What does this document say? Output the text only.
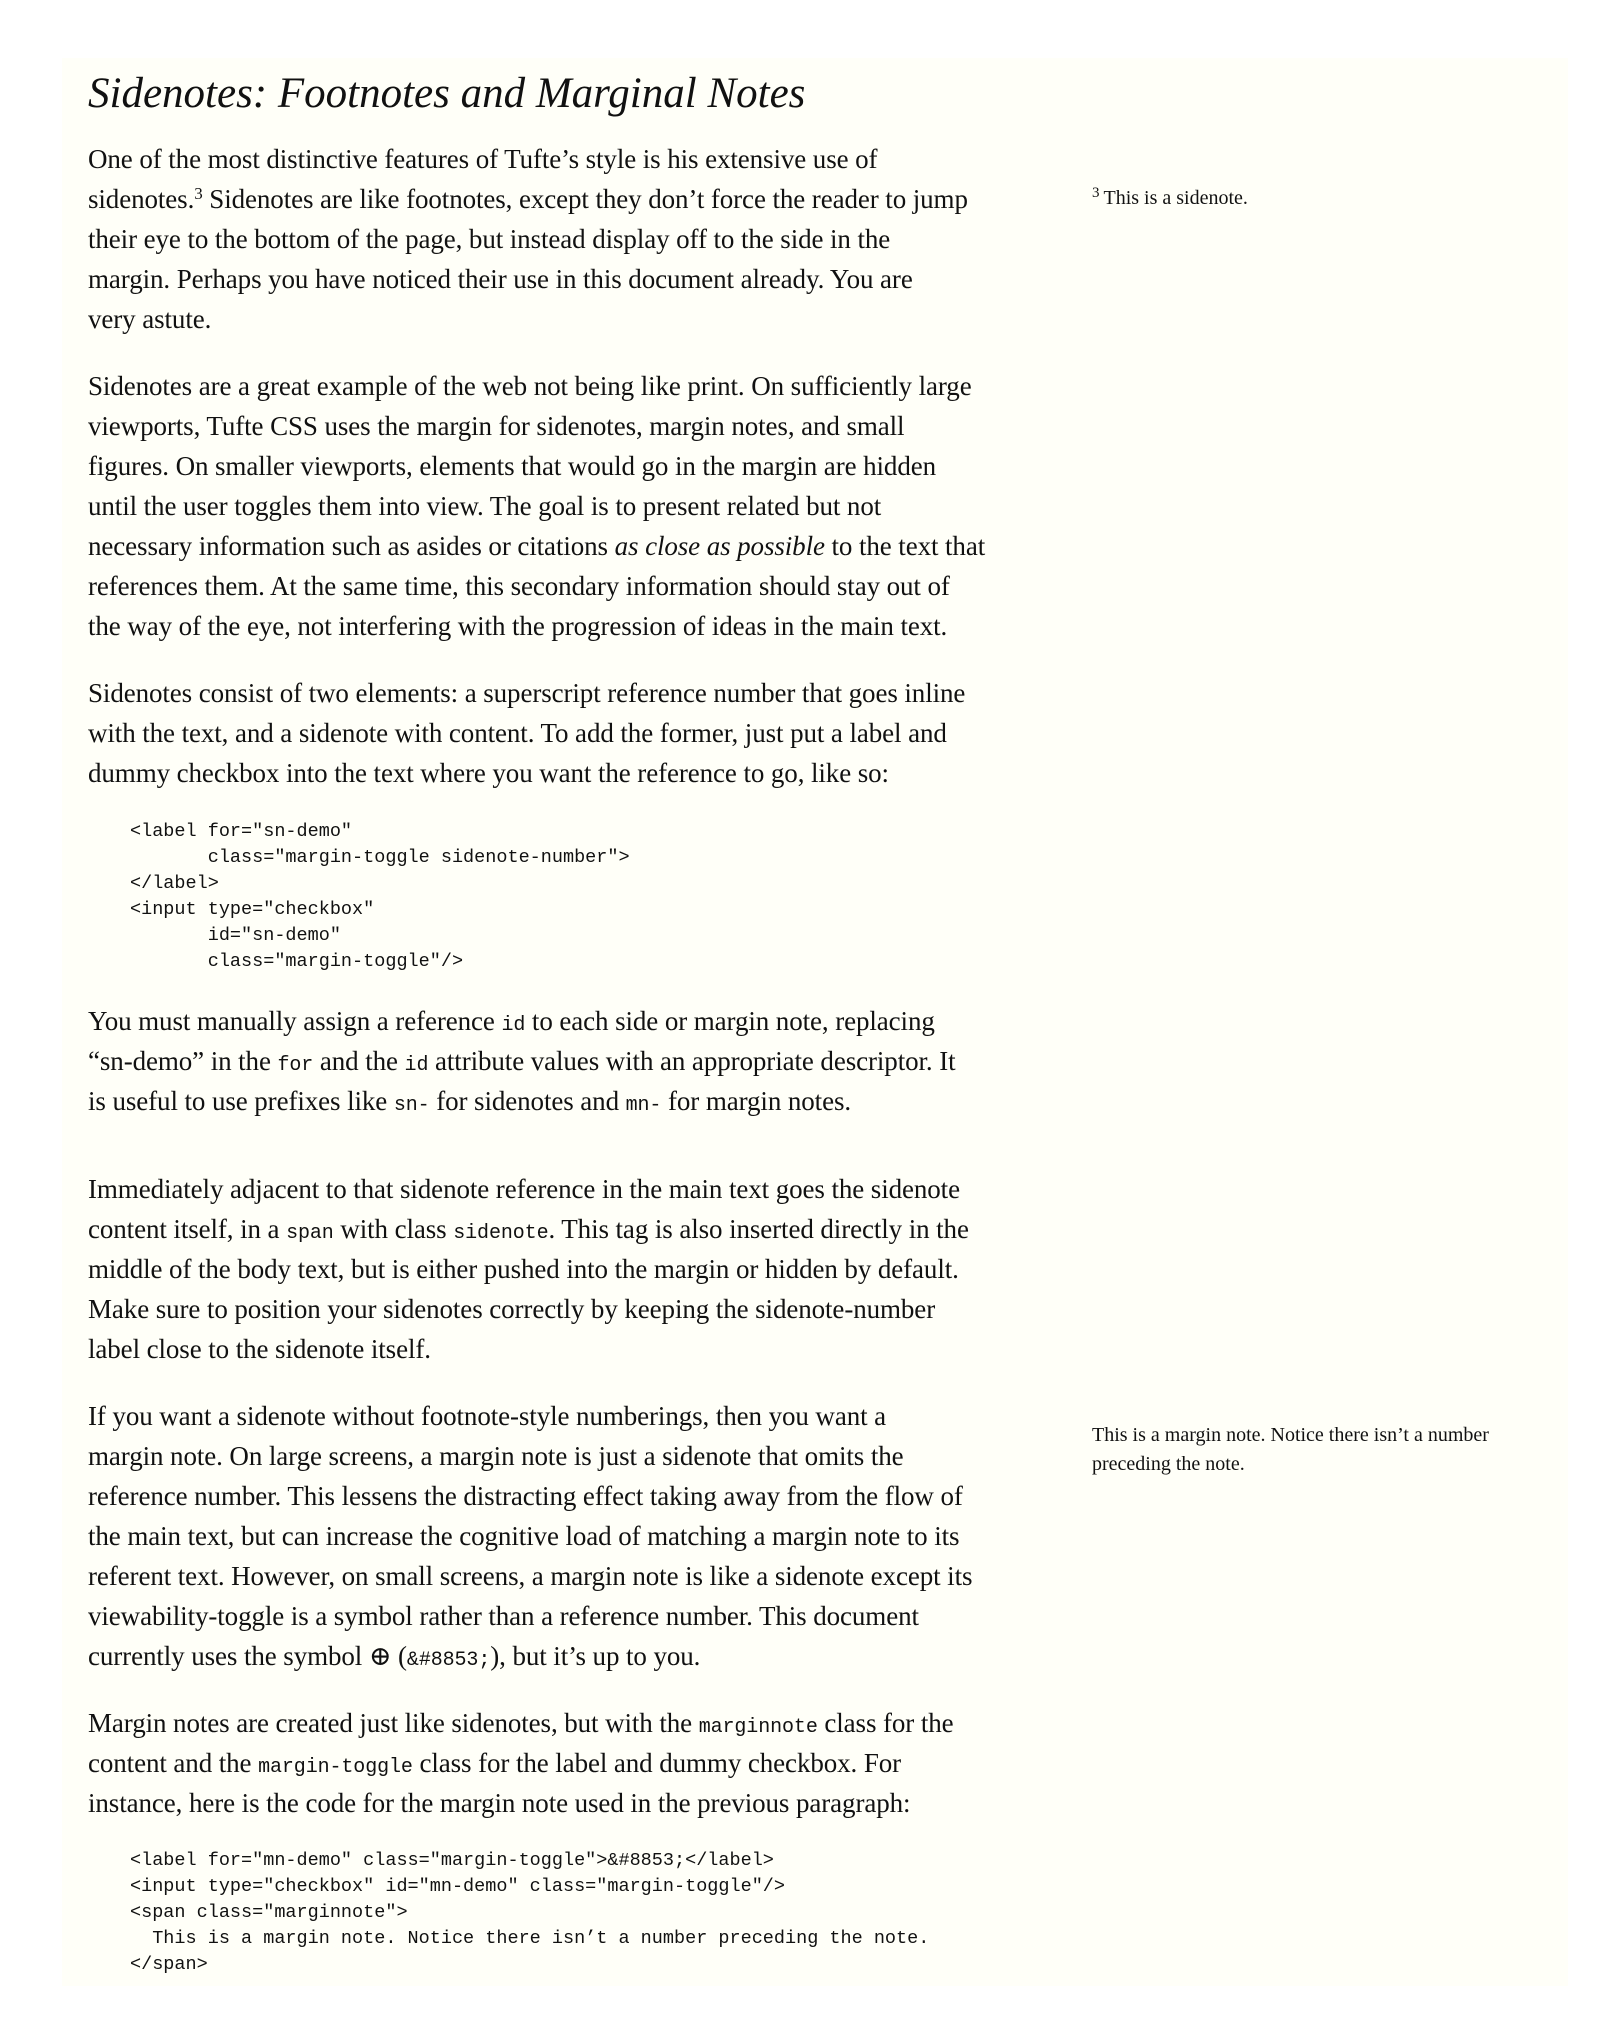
Sidenotes: Footnotes and Marginal Notes

One of the most distinctive features of Tufte’s style is his extensive use of
sidenotes.$^3$ Sidenotes are like footnotes, except they don’t force the reader to jump
their eye to the bottom of the page, but instead display off to the side in the
margin. Perhaps you have noticed their use in this document already. You are
very astute.

Sidenotes are a great example of the web not being like print. On sufficiently large
viewports, Tufte CSS uses the margin for sidenotes, margin notes, and small
figures. On smaller viewports, elements that would go in the margin are hidden
until the user toggles them into view. The goal is to present related but not
necessary information such as asides or citations as close as possible to the text that
references them. At the same time, this secondary information should stay out of
the way of the eye, not interfering with the progression of ideas in the main text.

Sidenotes consist of two elements: a superscript reference number that goes inline
with the text, and a sidenote with content. To add the former, just put a label and
dummy checkbox into the text where you want the reference to go, like so:

<label for="sn-demo"
class="margin-toggle sidenote-number">
</label>
<input type="checkbox"
id="sn-demo"
class="margin-toggle"/>

You must manually assign a reference id to each side or margin note, replacing
“sn-demo” in the for and the id attribute values with an appropriate descriptor. It
is useful to use prefixes like sn- for sidenotes and mn- for margin notes.

Immediately adjacent to that sidenote reference in the main text goes the sidenote
content itself, in a span with class sidenote. This tag is also inserted directly in the
middle of the body text, but is either pushed into the margin or hidden by default.
Make sure to position your sidenotes correctly by keeping the sidenote-number
label close to the sidenote itself.

If you want a sidenote without footnote-style numberings, then you want a
margin note. On large screens, a margin note is just a sidenote that omits the
reference number. This lessens the distracting effect taking away from the flow of
the main text, but can increase the cognitive load of matching a margin note to its
referent text. However, on small screens, a margin note is like a sidenote except its
viewability-toggle is a symbol rather than a reference number. This document
currently uses the symbol ⊕ (&#8853;), but it’s up to you.

Margin notes are created just like sidenotes, but with the marginnote class for the
content and the margin-toggle class for the label and dummy checkbox. For
instance, here is the code for the margin note used in the previous paragraph:

<label for="mn-demo" class="margin-toggle">&#8853;</label>
<input type="checkbox" id="mn-demo" class="margin-toggle"/>
<span class="marginnote">
This is a margin note. Notice there isn’t a number preceding the note.
</span>
$^3$ This is a sidenote.
This is a margin note. Notice there isn’t a number
preceding the note.
